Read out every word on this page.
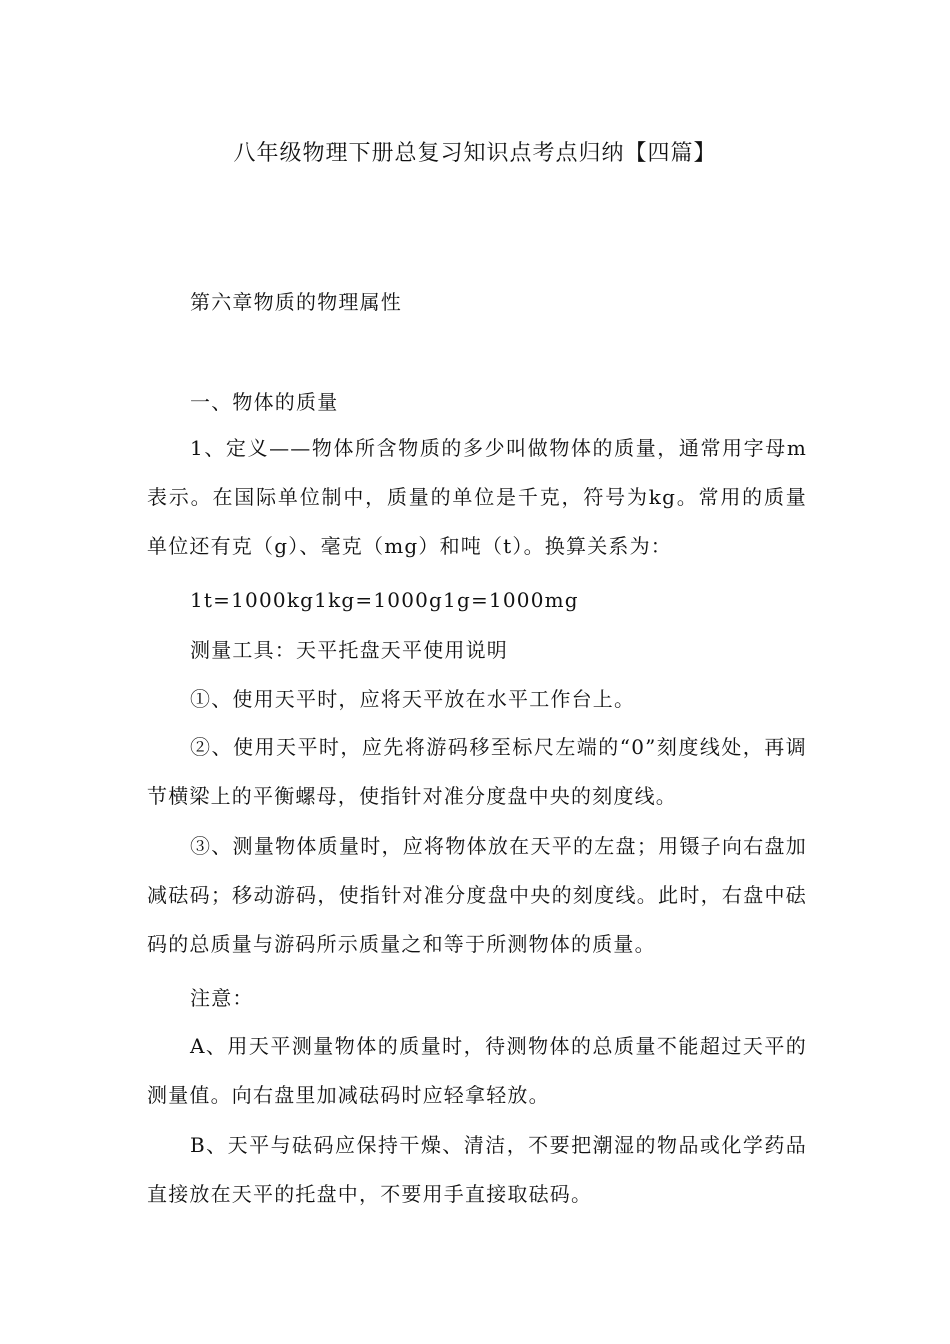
八年级物理下册总复习知识点考点归纳【四篇】
第六章物质的物理属性
一、物体的质量

1、定义——物体所含物质的多少叫做物体的质量，通常用字母m表示。在国际单位制中，质量的单位是千克，符号为kg。常用的质量单位还有克（g）、毫克（mg）和吨（t）。换算关系为：

1t=1000kg1kg=1000g1g=1000mg
测量工具：天平托盘天平使用说明
①、使用天平时，应将天平放在水平工作台上。

②、使用天平时，应先将游码移至标尺左端的“0”刻度线处，再调节横梁上的平衡螺母，使指针对准分度盘中央的刻度线。

③、测量物体质量时，应将物体放在天平的左盘；用镊子向右盘加减砝码；移动游码，使指针对准分度盘中央的刻度线。此时，右盘中砝码的总质量与游码所示质量之和等于所测物体的质量。

注意：

A、用天平测量物体的质量时，待测物体的总质量不能超过天平的测量值。向右盘里加减砝码时应轻拿轻放。

B、天平与砝码应保持干燥、清洁，不要把潮湿的物品或化学药品直接放在天平的托盘中，不要用手直接取砝码。
